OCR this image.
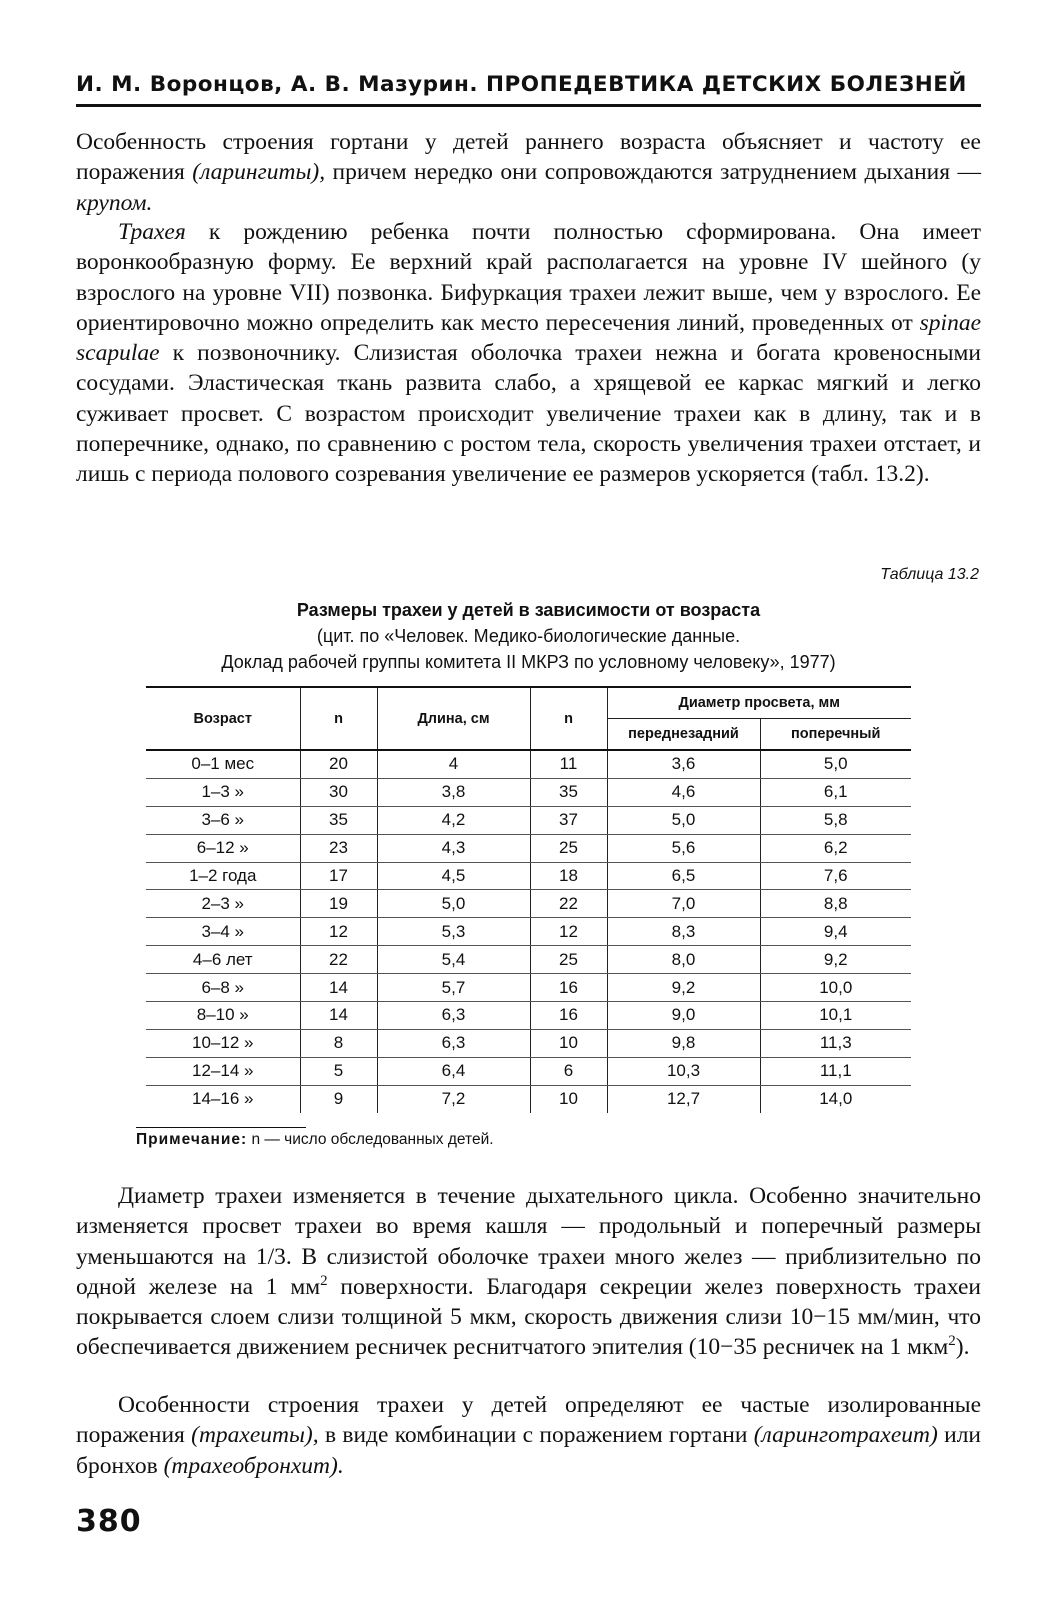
И. М. Воронцов, А. В. Мазурин. ПРОПЕДЕВТИКА ДЕТСКИХ БОЛЕЗНЕЙ

Особенность строения гортани у детей раннего возраста объясняет и частоту ее поражения (ларингиты), причем нередко они сопровождаются затруднением дыхания — крупом.

Трахея к рождению ребенка почти полностью сформирована. Она имеет воронкообразную форму. Ее верхний край располагается на уровне IV шейного (у взрослого на уровне VII) позвонка. Бифуркация трахеи лежит выше, чем у взрослого. Ее ориентировочно можно определить как место пересечения линий, проведенных от spinae scapulae к позвоночнику. Слизистая оболочка трахеи нежна и богата кровеносными сосудами. Эластическая ткань развита слабо, а хрящевой ее каркас мягкий и легко суживает просвет. С возрастом происходит увеличение трахеи как в длину, так и в поперечнике, однако, по сравнению с ростом тела, скорость увеличения трахеи отстает, и лишь с периода полового созревания увеличение ее размеров ускоряется (табл. 13.2).

Таблица 13.2
Размеры трахеи у детей в зависимости от возраста
(цит. по «Человек. Медико-биологические данные.
Доклад рабочей группы комитета II МКРЗ по условному человеку», 1977)
Возраст	n	Длина, см	n	Диаметр просвета, мм	
				переднезадний	поперечный
0–1 мес	20	4	11	3,6	5,0
1–3 »	30	3,8	35	4,6	6,1
3–6 »	35	4,2	37	5,0	5,8
6–12 »	23	4,3	25	5,6	6,2
1–2 года	17	4,5	18	6,5	7,6
2–3 »	19	5,0	22	7,0	8,8
3–4 »	12	5,3	12	8,3	9,4
4–6 лет	22	5,4	25	8,0	9,2
6–8 »	14	5,7	16	9,2	10,0
8–10 »	14	6,3	16	9,0	10,1
10–12 »	8	6,3	10	9,8	11,3
12–14 »	5	6,4	6	10,3	11,1
14–16 »	9	7,2	10	12,7	14,0
Примечание: n — число обследованных детей.

Диаметр трахеи изменяется в течение дыхательного цикла. Особенно значительно изменяется просвет трахеи во время кашля — продольный и поперечный размеры уменьшаются на 1/3. В слизистой оболочке трахеи много желез — приблизительно по одной железе на 1 $мм^2$ поверхности. Благодаря секреции желез поверхность трахеи покрывается слоем слизи толщиной 5 мкм, скорость движения слизи 10−15 мм/мин, что обеспечивается движением ресничек реснитчатого эпителия (10−35 ресничек на 1 мкм$^2$).

Особенности строения трахеи у детей определяют ее частые изолированные поражения (трахеиты), в виде комбинации с поражением гортани (ларинготрахеит) или бронхов (трахеобронхит).

380
